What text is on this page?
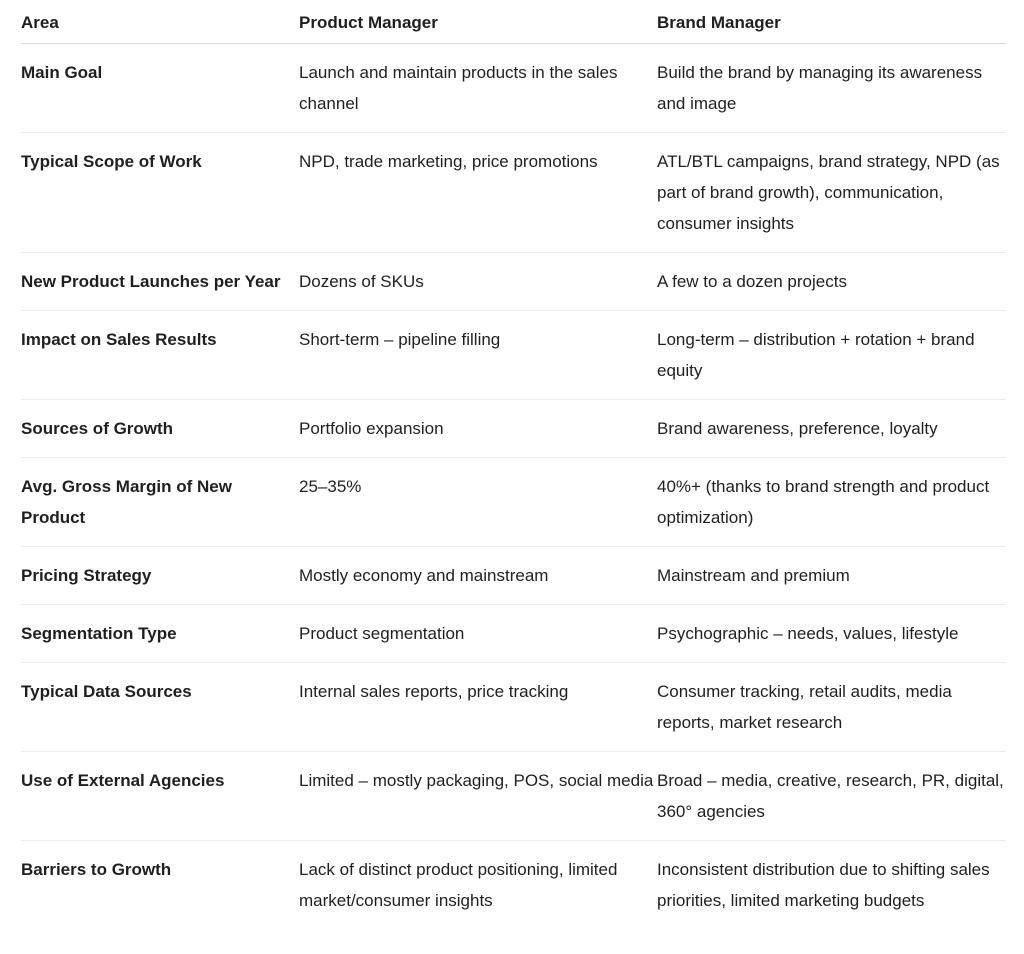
Area	Product Manager	Brand Manager
Main Goal	Launch and maintain products in the sales channel	Build the brand by managing its awareness and image
Typical Scope of Work	NPD, trade marketing, price promotions	ATL/BTL campaigns, brand strategy, NPD (as part of brand growth), communication, consumer insights
New Product Launches per Year	Dozens of SKUs	A few to a dozen projects
Impact on Sales Results	Short-term – pipeline filling	Long-term – distribution + rotation + brand equity
Sources of Growth	Portfolio expansion	Brand awareness, preference, loyalty
Avg. Gross Margin of New Product	25–35%	40%+ (thanks to brand strength and product optimization)
Pricing Strategy	Mostly economy and mainstream	Mainstream and premium
Segmentation Type	Product segmentation	Psychographic – needs, values, lifestyle
Typical Data Sources	Internal sales reports, price tracking	Consumer tracking, retail audits, media reports, market research
Use of External Agencies	Limited – mostly packaging, POS, social media	Broad – media, creative, research, PR, digital, 360° agencies
Barriers to Growth	Lack of distinct product positioning, limited market/consumer insights	Inconsistent distribution due to shifting sales priorities, limited marketing budgets
